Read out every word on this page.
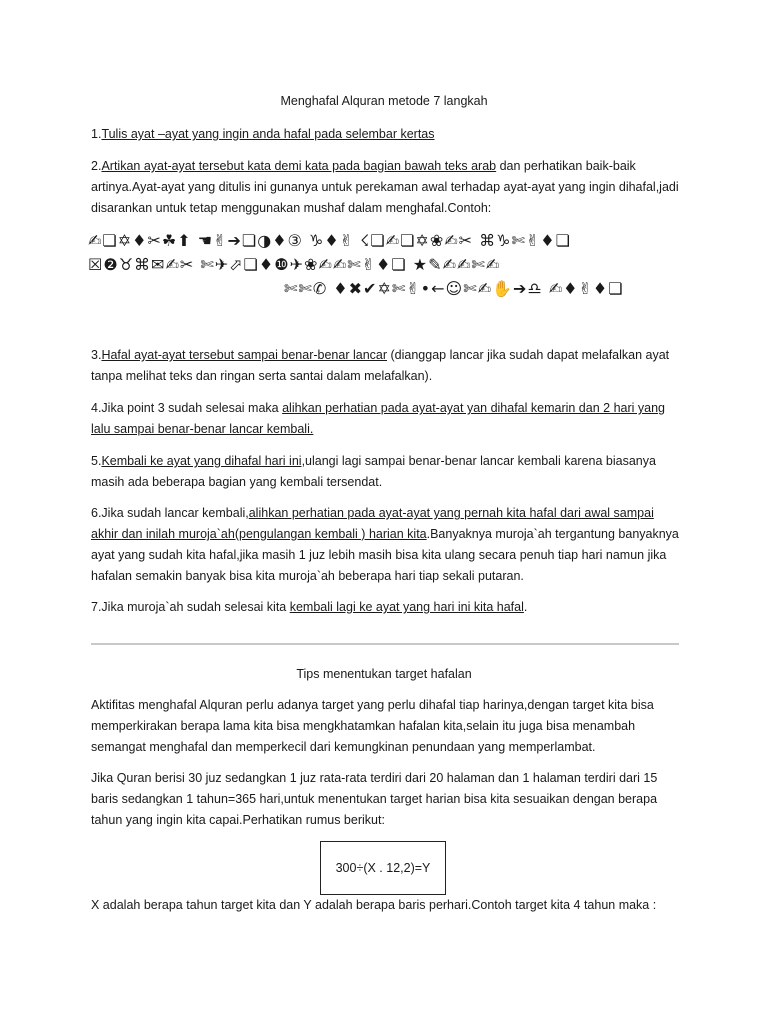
Menghafal Alquran metode 7 langkah

1.Tulis ayat –ayat yang ingin anda hafal pada selembar kertas

2.Artikan ayat-ayat tersebut kata demi kata pada bagian bawah teks arab dan perhatikan baik-baik artinya.Ayat-ayat yang ditulis ini gunanya untuk perekaman awal terhadap ayat-ayat yang ingin dihafal,jadi disarankan untuk tetap menggunakan mushaf dalam menghafal.Contoh:

✍❏✡♦✂☘⬆ ☚✌➔❏◑♦③ ♑♦✌ ☇❏✍❏✡❀✍✂ ⌘♑✄✌♦❏
☒❷♉⌘✉✍✂ ✄✈⬀❏♦❿✈❀✍✍✄✌♦❏ ★✎✍✍✄✍
✄✄✆ ♦✖✔✡✄✌•←☺✄✍✋➔♎ ✍♦✌♦❏

3.Hafal ayat-ayat tersebut sampai benar-benar lancar (dianggap lancar jika sudah dapat melafalkan ayat tanpa melihat teks dan ringan serta santai dalam melafalkan).

4.Jika point 3 sudah selesai maka alihkan perhatian pada ayat-ayat yan dihafal kemarin dan 2 hari yang lalu sampai benar-benar lancar kembali.

5.Kembali ke ayat yang dihafal hari ini,ulangi lagi sampai benar-benar lancar kembali karena biasanya masih ada beberapa bagian yang kembali tersendat.

6.Jika sudah lancar kembali,alihkan perhatian pada ayat-ayat yang pernah kita hafal dari awal sampai akhir dan inilah muroja`ah(pengulangan kembali ) harian kita.Banyaknya muroja`ah tergantung banyaknya ayat yang sudah kita hafal,jika masih 1 juz lebih masih bisa kita ulang secara penuh tiap hari namun jika hafalan semakin banyak bisa kita muroja`ah beberapa hari tiap sekali putaran.

7.Jika muroja`ah sudah selesai kita kembali lagi ke ayat yang hari ini kita hafal.

Tips menentukan target hafalan

Aktifitas menghafal Alquran perlu adanya target yang perlu dihafal tiap harinya,dengan target kita bisa memperkirakan berapa lama kita bisa mengkhatamkan hafalan kita,selain itu juga bisa menambah semangat menghafal dan memperkecil dari kemungkinan penundaan yang memperlambat.

Jika Quran berisi 30 juz sedangkan 1 juz rata-rata terdiri dari 20 halaman dan 1 halaman terdiri dari 15 baris sedangkan 1 tahun=365 hari,untuk menentukan target harian bisa kita sesuaikan dengan berapa tahun yang ingin kita capai.Perhatikan rumus berikut:

300÷(X . 12,2)=Y

X adalah berapa tahun target kita dan Y adalah berapa baris perhari.Contoh target kita 4 tahun maka :
